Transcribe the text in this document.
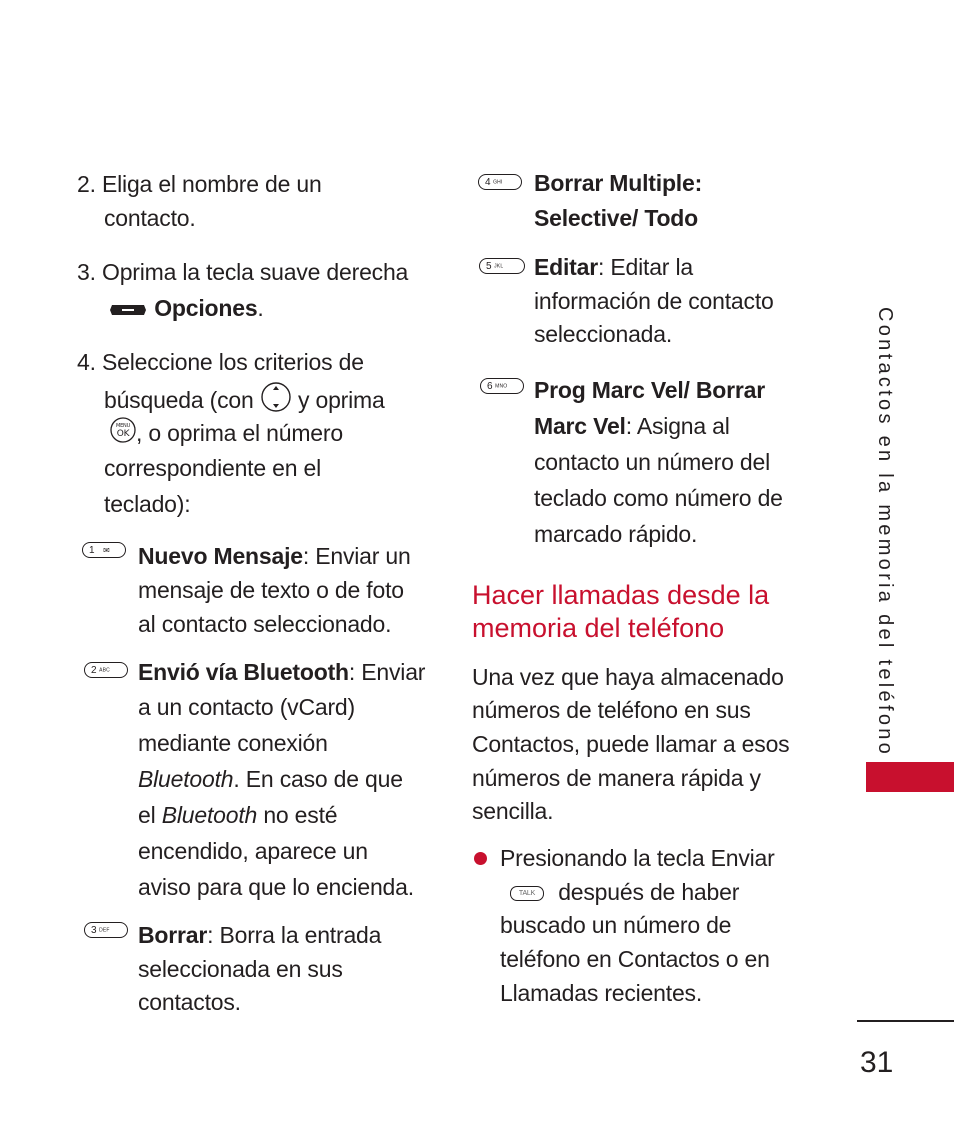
2. Eliga el nombre de un
contacto.
3. Oprima la tecla suave derecha
Opciones.
4. Seleccione los criterios de
búsqueda (con y oprima
MENU
OK , o oprima el número
correspondiente en el
teclado):
1 ✉	Nuevo Mensaje: Enviar un
mensaje de texto o de foto
al contacto seleccionado.
2 ABC	Envió vía Bluetooth: Enviar
a un contacto (vCard)
mediante conexión
Bluetooth. En caso de que
el Bluetooth no esté
encendido, aparece un
aviso para que lo encienda.
3 DEF	Borrar: Borra la entrada
seleccionada en sus
contactos.
4 GHI	Borrar Multiple:
Selective/ Todo
5 JKL	Editar: Editar la
información de contacto
seleccionada.
6 MNO	Prog Marc Vel/ Borrar
Marc Vel: Asigna al
contacto un número del
teclado como número de
marcado rápido.
Hacer llamadas desde la
memoria del teléfono
Una vez que haya almacenado
números de teléfono en sus
Contactos, puede llamar a esos
números de manera rápida y
sencilla.
Presionando la tecla Enviar
TALK	después de haber
buscado un número de
teléfono en Contactos o en
Llamadas recientes.
Contactos en la memoria del teléfono
31
